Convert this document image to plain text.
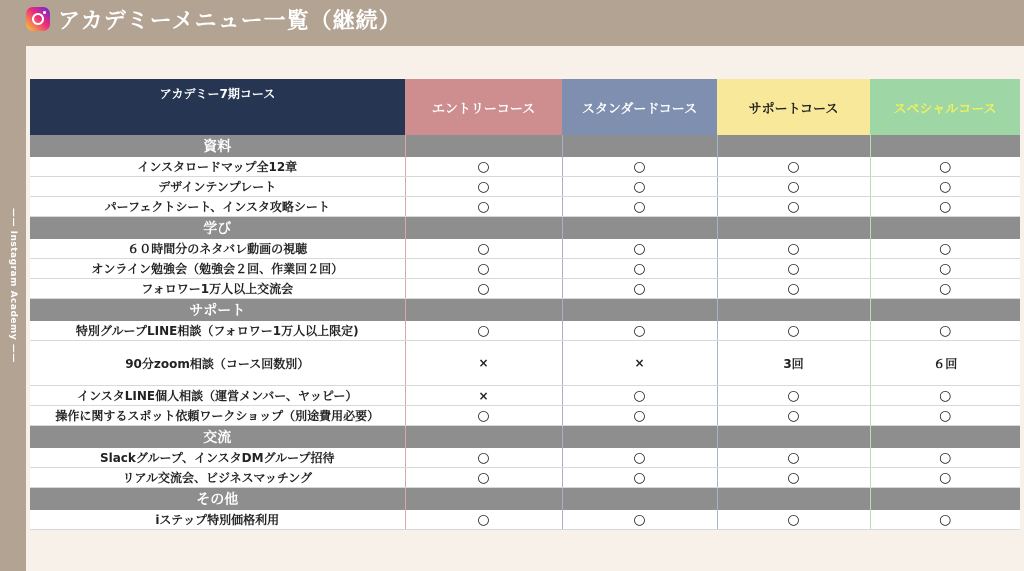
アカデミーメニュー一覧（継続）
—— Instagram Academy ——
アカデミー7期コース	エントリーコース	スタンダードコース	サポートコース	スペシャルコース
資料				
インスタロードマップ全12章	○	○	○	○
デザインテンプレート	○	○	○	○
パーフェクトシート、インスタ攻略シート	○	○	○	○
学び				
６０時間分のネタバレ動画の視聴	○	○	○	○
オンライン勉強会（勉強会２回、作業回２回）	○	○	○	○
フォロワー1万人以上交流会	○	○	○	○
サポート				
特別グループLINE相談（フォロワー1万人以上限定)	○	○	○	○
90分zoom相談（コース回数別）	×	×	3回	６回
インスタLINE個人相談（運営メンバー、ヤッピー）	×	○	○	○
操作に関するスポット依頼ワークショップ（別途費用必要）	○	○	○	○
交流				
Slackグループ、インスタDMグループ招待	○	○	○	○
リアル交流会、ビジネスマッチング	○	○	○	○
その他				
iステップ特別価格利用	○	○	○	○
